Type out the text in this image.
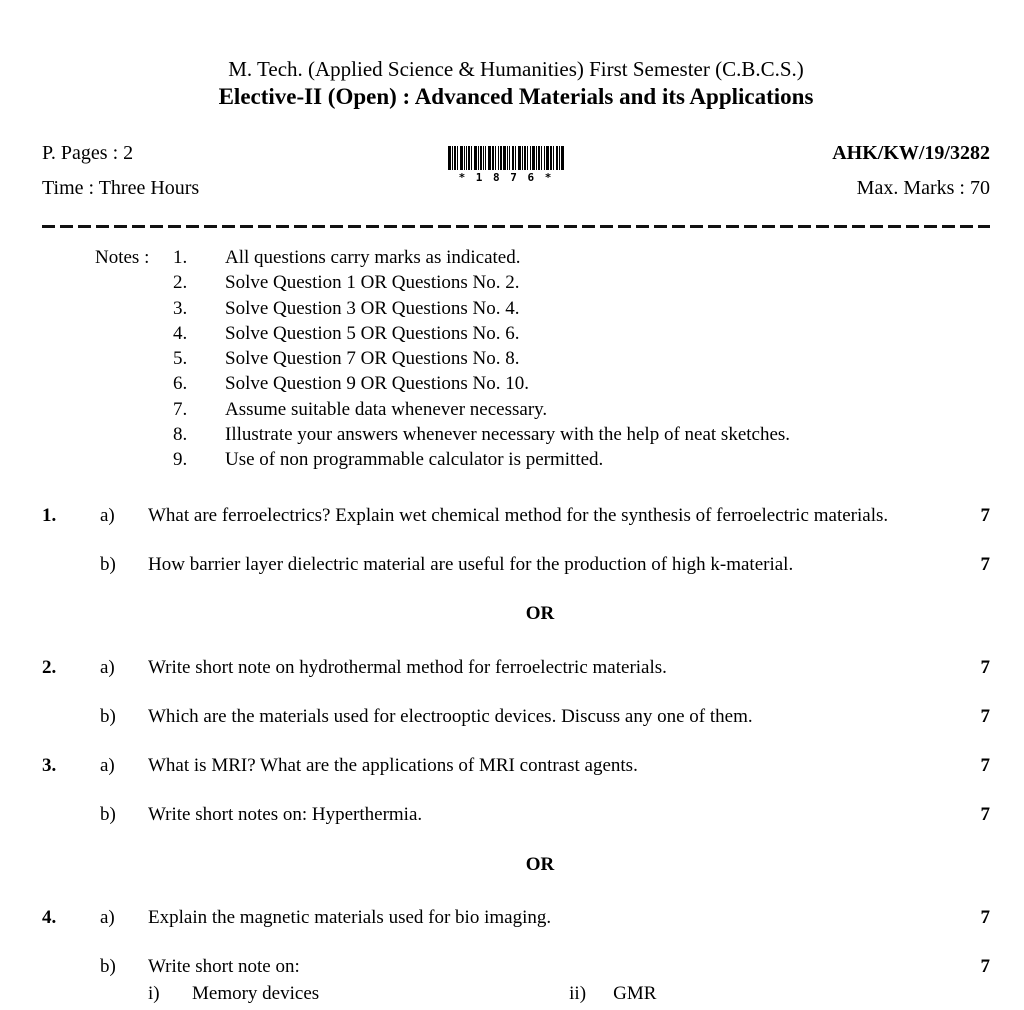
M. Tech. (Applied Science & Humanities) First Semester (C.B.C.S.)
Elective-II (Open) : Advanced Materials and its Applications
P. Pages : 2
Time : Three Hours	* 1 8 7 6 *
AHK/KW/19/3282
Max. Marks : 70
Notes :	1.	All questions carry marks as indicated.
2.	Solve Question 1 OR Questions No. 2.
3.	Solve Question 3 OR Questions No. 4.
4.	Solve Question 5 OR Questions No. 6.
5.	Solve Question 7 OR Questions No. 8.
6.	Solve Question 9 OR Questions No. 10.
7.	Assume suitable data whenever necessary.
8.	Illustrate your answers whenever necessary with the help of neat sketches.
9.	Use of non programmable calculator is permitted.
1.	a)	What are ferroelectrics? Explain wet chemical method for the synthesis of ferroelectric materials.	7
b)	How barrier layer dielectric material are useful for the production of high k-material.	7
OR
2.	a)	Write short note on hydrothermal method for ferroelectric materials.	7
b)	Which are the materials used for electrooptic devices. Discuss any one of them.	7
3.	a)	What is MRI? What are the applications of MRI contrast agents.	7
b)	Write short notes on: Hyperthermia.	7
OR
4.	a)	Explain the magnetic materials used for bio imaging.	7
b)	Write short note on:	7
i)	Memory devices	ii)	GMR
